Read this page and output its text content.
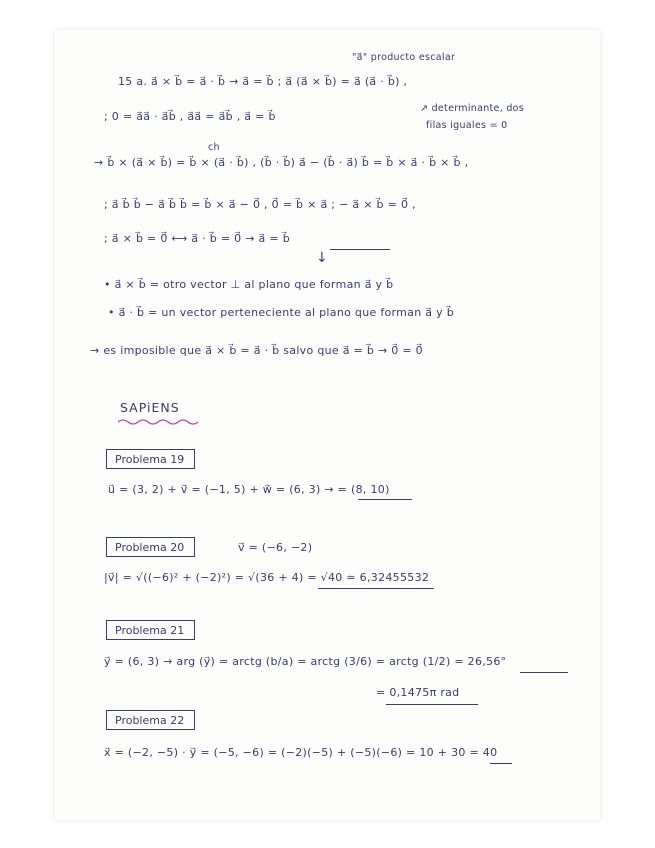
"a⃗" producto escalar
15 a. a⃗ × b⃗ = a⃗ · b⃗ → a⃗ = b⃗ ; a⃗ (a⃗ × b⃗) = a⃗ (a⃗ · b⃗) ,
; 0 = a⃗a⃗ · a⃗b⃗ , a⃗a⃗ = a⃗b⃗ , a⃗ = b⃗
↗ determinante, dos
filas iguales = 0
ch
→ b⃗ × (a⃗ × b⃗) = b⃗ × (a⃗ · b⃗) , (b⃗ · b⃗) a⃗ − (b⃗ · a⃗) b⃗ = b⃗ × a⃗ · b⃗ × b⃗ ,
; a⃗ b⃗ b⃗ − a⃗ b⃗ b⃗ = b⃗ × a⃗ − 0⃗ , 0⃗ = b⃗ × a⃗ ; − a⃗ × b⃗ = 0⃗ ,
; a⃗ × b⃗ = 0⃗ ⟷ a⃗ · b⃗ = 0⃗ → a⃗ = b⃗
↓
• a⃗ × b⃗ = otro vector ⊥ al plano que forman a⃗ y b⃗
• a⃗ · b⃗ = un vector perteneciente al plano que forman a⃗ y b⃗
→ es imposible que a⃗ × b⃗ = a⃗ · b⃗ salvo que a⃗ = b⃗ → 0⃗ = 0⃗
SAPiENS
Problema 19
u⃗ = (3, 2) + v⃗ = (−1, 5) + w⃗ = (6, 3) → = (8, 10)
Problema 20	v⃗ = (−6, −2)
|v⃗| = √((−6)² + (−2)²) = √(36 + 4) = √40 ≃ 6,32455532
Problema 21
y⃗ = (6, 3) → arg (y⃗) = arctg (b/a) = arctg (3/6) = arctg (1/2) = 26,56°
= 0,1475π rad
Problema 22
x⃗ = (−2, −5) · y⃗ = (−5, −6) = (−2)(−5) + (−5)(−6) = 10 + 30 = 40
